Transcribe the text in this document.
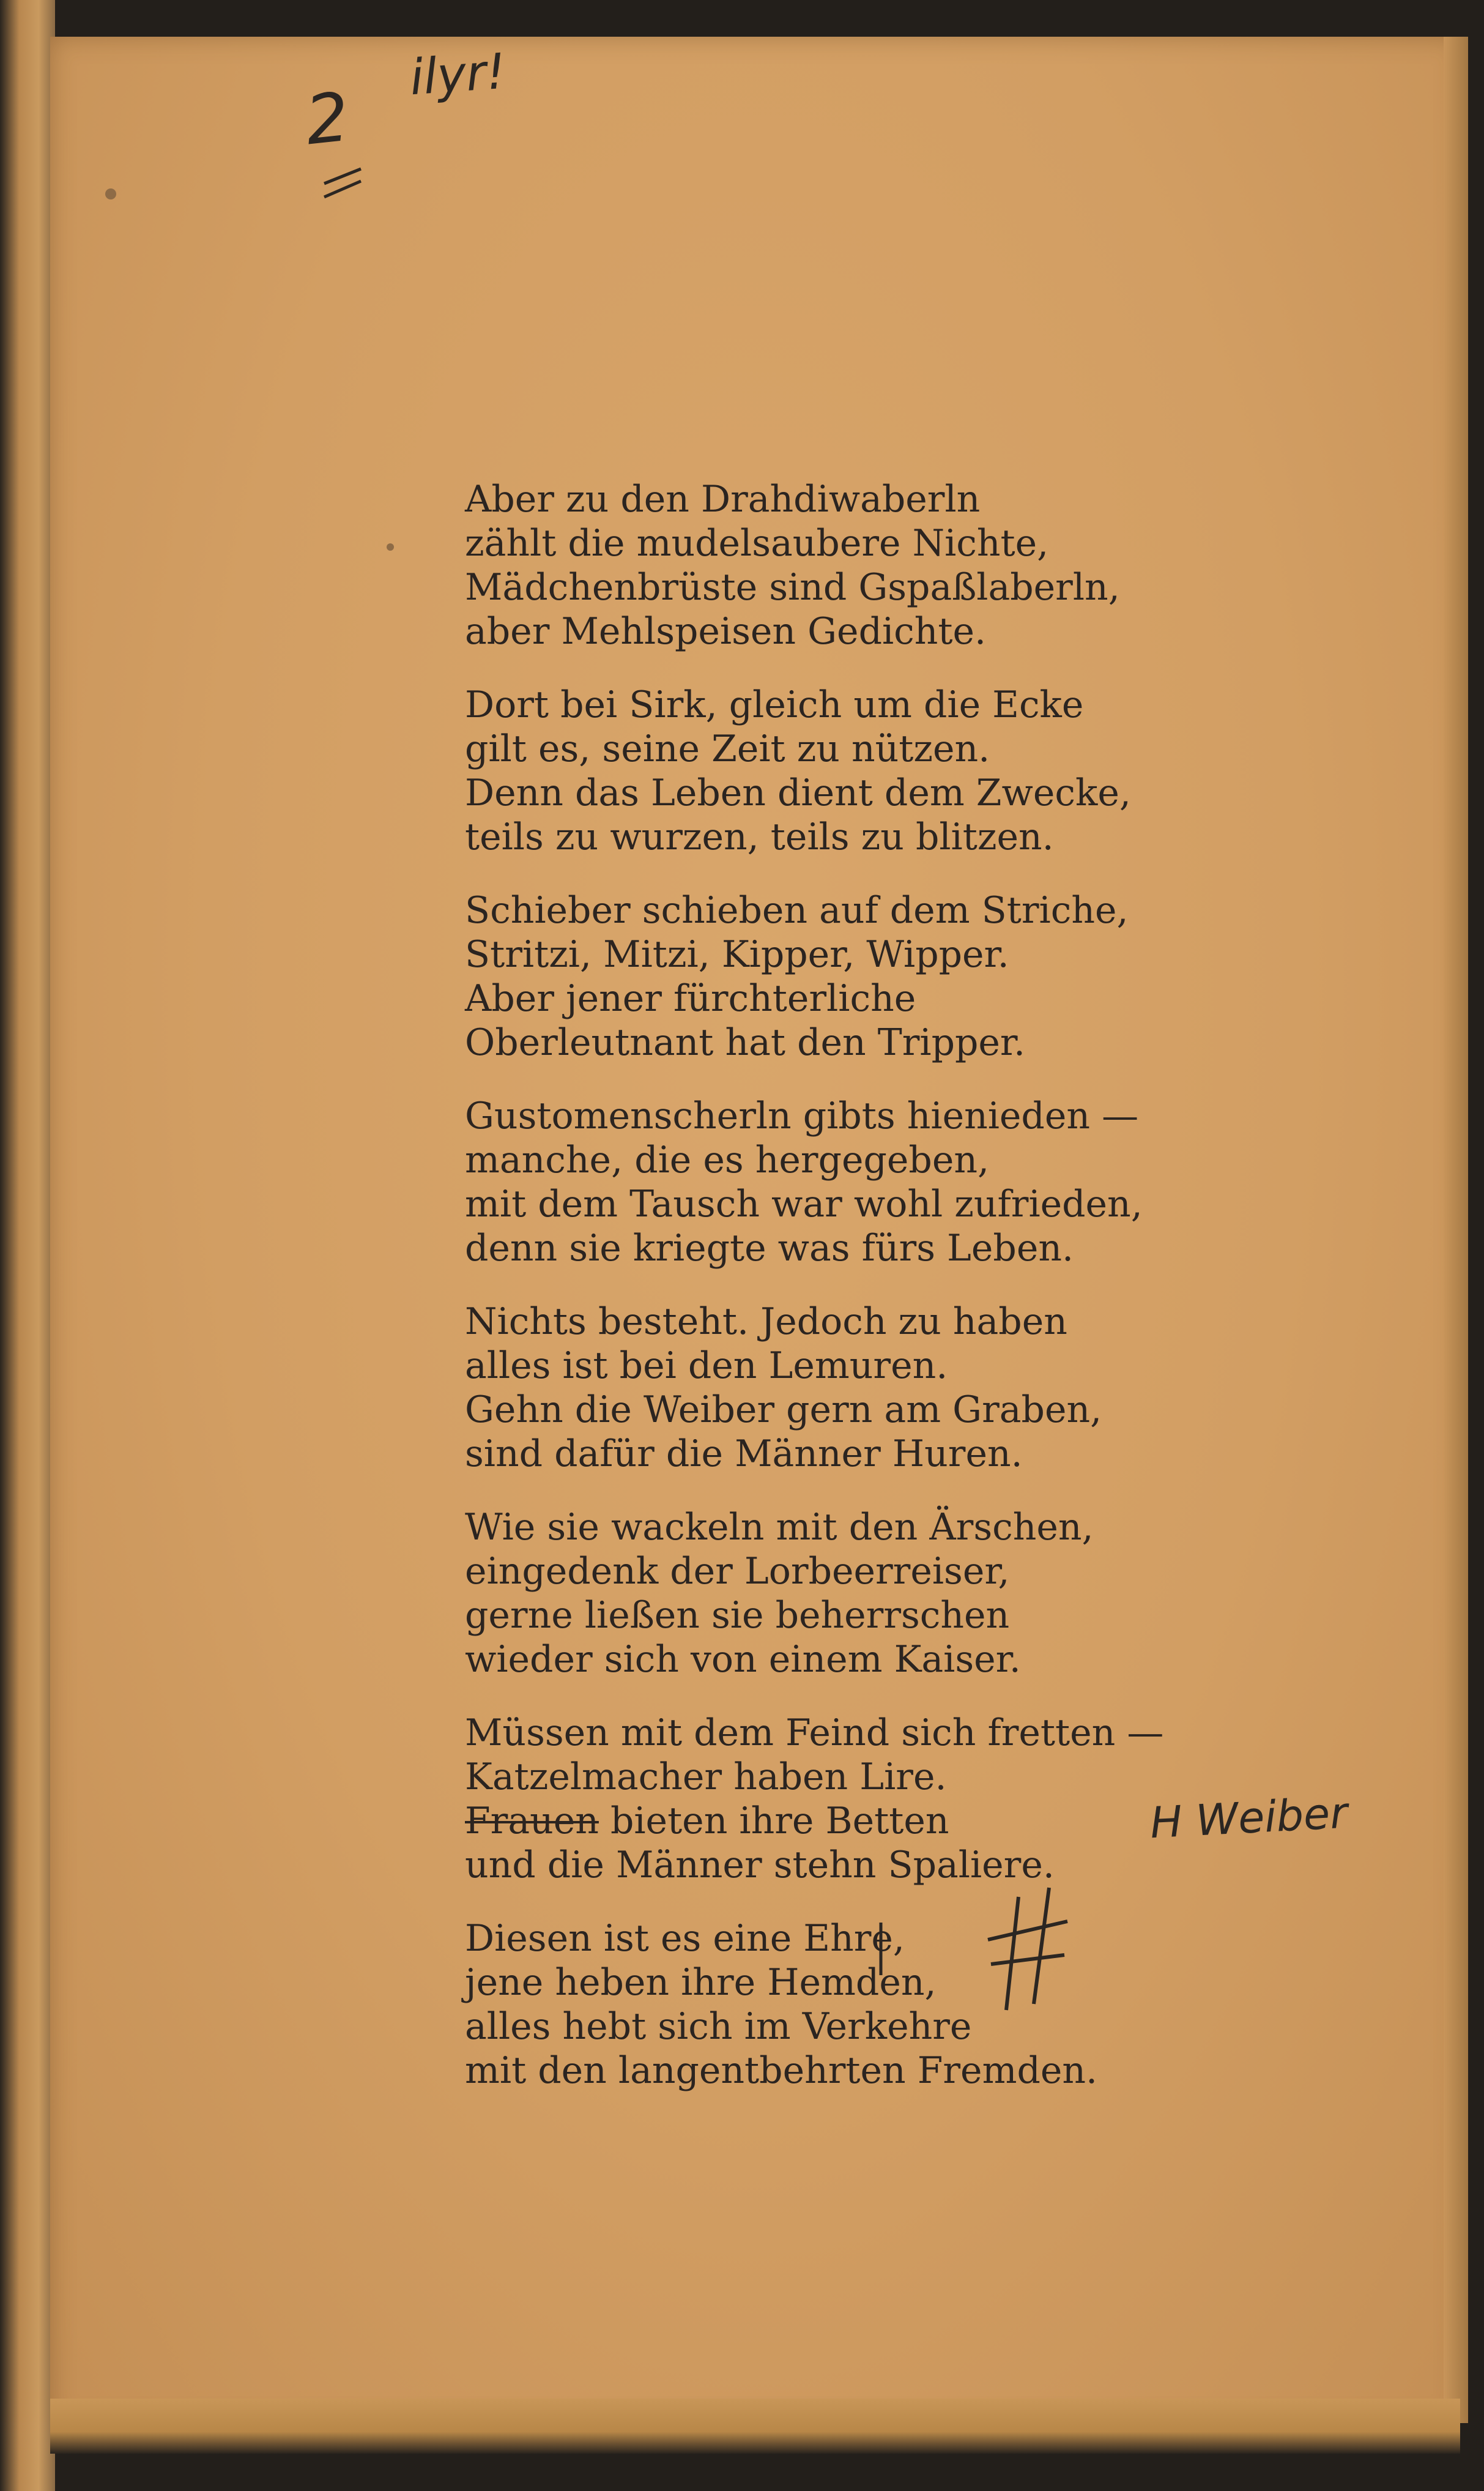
2
ilyr!
H Weiber
Aber zu den Drahdiwaberln
zählt die mudelsaubere Nichte,
Mädchenbrüste sind Gspaßlaberln,
aber Mehlspeisen Gedichte.
Dort bei Sirk, gleich um die Ecke
gilt es, seine Zeit zu nützen.
Denn das Leben dient dem Zwecke,
teils zu wurzen, teils zu blitzen.
Schieber schieben auf dem Striche,
Stritzi, Mitzi, Kipper, Wipper.
Aber jener fürchterliche
Oberleutnant hat den Tripper.
Gustomenscherln gibts hienieden —
manche, die es hergegeben,
mit dem Tausch war wohl zufrieden,
denn sie kriegte was fürs Leben.
Nichts besteht. Jedoch zu haben
alles ist bei den Lemuren.
Gehn die Weiber gern am Graben,
sind dafür die Männer Huren.
Wie sie wackeln mit den Ärschen,
eingedenk der Lorbeerreiser,
gerne ließen sie beherrschen
wieder sich von einem Kaiser.
Müssen mit dem Feind sich fretten —
Katzelmacher haben Lire.
Frauen bieten ihre Betten
und die Männer stehn Spaliere.
Diesen ist es eine Ehre,
jene heben ihre Hemden,
alles hebt sich im Verkehre
mit den langentbehrten Fremden.
